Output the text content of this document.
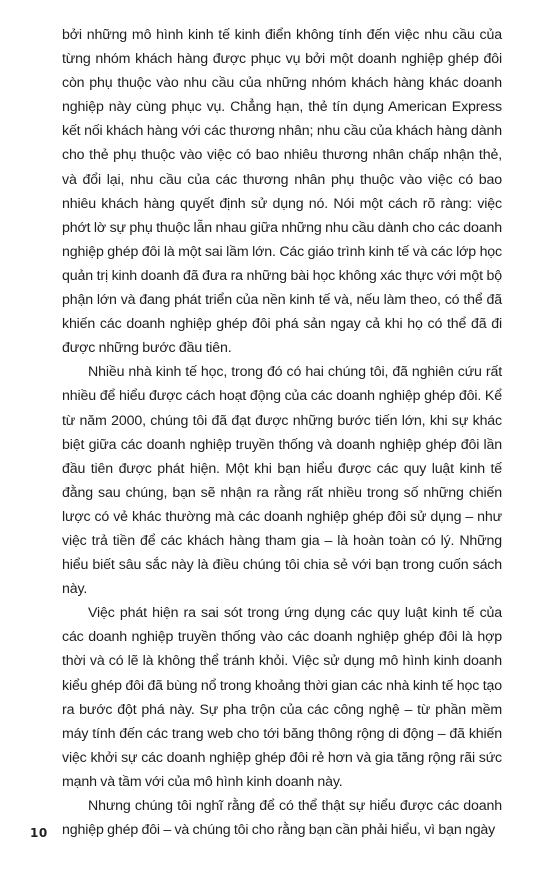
bởi những mô hình kinh tế kinh điển không tính đến việc nhu cầu của từng nhóm khách hàng được phục vụ bởi một doanh nghiệp ghép đôi còn phụ thuộc vào nhu cầu của những nhóm khách hàng khác doanh nghiệp này cùng phục vụ. Chẳng hạn, thẻ tín dụng American Express kết nối khách hàng với các thương nhân; nhu cầu của khách hàng dành cho thẻ phụ thuộc vào việc có bao nhiêu thương nhân chấp nhận thẻ, và đổi lại, nhu cầu của các thương nhân phụ thuộc vào việc có bao nhiêu khách hàng quyết định sử dụng nó. Nói một cách rõ ràng: việc phớt lờ sự phụ thuộc lẫn nhau giữa những nhu cầu dành cho các doanh nghiệp ghép đôi là một sai lầm lớn. Các giáo trình kinh tế và các lớp học quản trị kinh doanh đã đưa ra những bài học không xác thực với một bộ phận lớn và đang phát triển của nền kinh tế và, nếu làm theo, có thể đã khiến các doanh nghiệp ghép đôi phá sản ngay cả khi họ có thể đã đi được những bước đầu tiên.

Nhiều nhà kinh tế học, trong đó có hai chúng tôi, đã nghiên cứu rất nhiều để hiểu được cách hoạt động của các doanh nghiệp ghép đôi. Kể từ năm 2000, chúng tôi đã đạt được những bước tiến lớn, khi sự khác biệt giữa các doanh nghiệp truyền thống và doanh nghiệp ghép đôi lần đầu tiên được phát hiện. Một khi bạn hiểu được các quy luật kinh tế đằng sau chúng, bạn sẽ nhận ra rằng rất nhiều trong số những chiến lược có vẻ khác thường mà các doanh nghiệp ghép đôi sử dụng – như việc trả tiền để các khách hàng tham gia – là hoàn toàn có lý. Những hiểu biết sâu sắc này là điều chúng tôi chia sẻ với bạn trong cuốn sách này.

Việc phát hiện ra sai sót trong ứng dụng các quy luật kinh tế của các doanh nghiệp truyền thống vào các doanh nghiệp ghép đôi là hợp thời và có lẽ là không thể tránh khỏi. Việc sử dụng mô hình kinh doanh kiểu ghép đôi đã bùng nổ trong khoảng thời gian các nhà kinh tế học tạo ra bước đột phá này. Sự pha trộn của các công nghệ – từ phần mềm máy tính đến các trang web cho tới băng thông rộng di động – đã khiến việc khởi sự các doanh nghiệp ghép đôi rẻ hơn và gia tăng rộng rãi sức mạnh và tầm với của mô hình kinh doanh này.

Nhưng chúng tôi nghĩ rằng để có thể thật sự hiểu được các doanh nghiệp ghép đôi – và chúng tôi cho rằng bạn cần phải hiểu, vì bạn ngày

10
